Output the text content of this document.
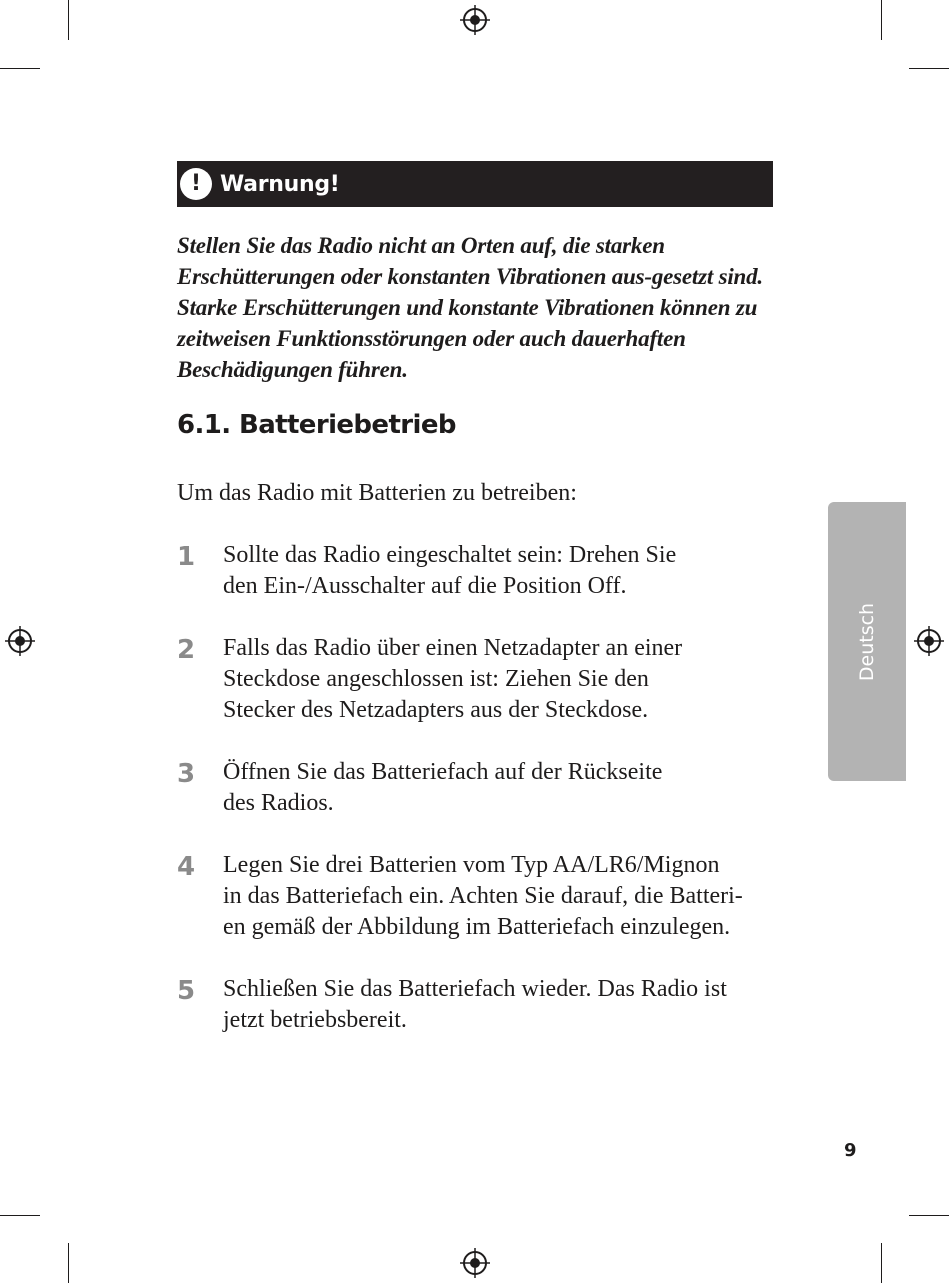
! Warnung!

Stellen Sie das Radio nicht an Orten auf, die starken Erschütterungen oder konstanten Vibrationen aus-gesetzt sind. Starke Erschütterungen und konstante Vibrationen können zu zeitweisen Funktionsstörungen oder auch dauerhaften Beschädigungen führen.

6.1. Batteriebetrieb

Um das Radio mit Batterien zu betreiben:

1 Sollte das Radio eingeschaltet sein: Drehen Sie
den Ein-/Ausschalter auf die Position Off.

2 Falls das Radio über einen Netzadapter an einer
Steckdose angeschlossen ist: Ziehen Sie den
Stecker des Netzadapters aus der Steckdose.

3 Öffnen Sie das Batteriefach auf der Rückseite
des Radios.

4 Legen Sie drei Batterien vom Typ AA/LR6/Mignon
in das Batteriefach ein. Achten Sie darauf, die Batteri-
en gemäß der Abbildung im Batteriefach einzulegen.

5 Schließen Sie das Batteriefach wieder. Das Radio ist
jetzt betriebsbereit.

Deutsch
9
